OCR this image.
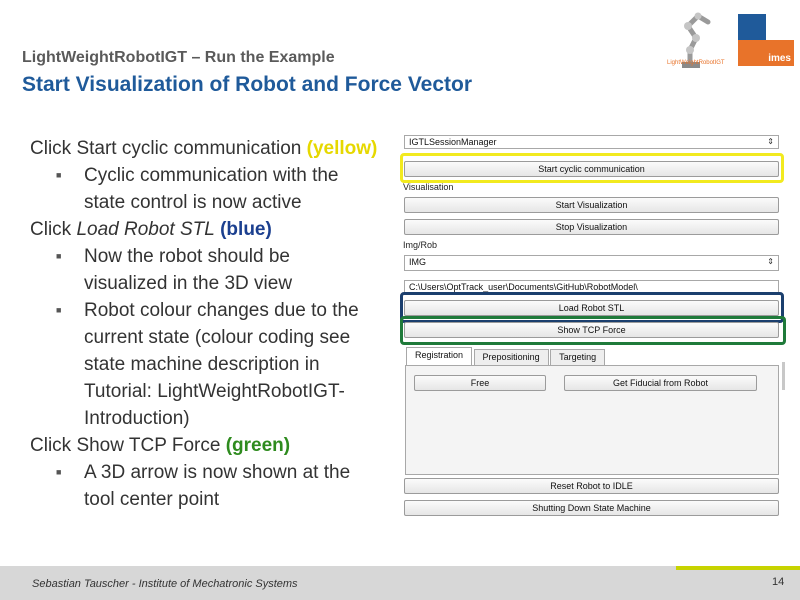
LightWeightRobotIGT – Run the Example
Start Visualization of Robot and Force Vector
LightWeightRobotIGT	imes
Click Start cyclic communication (yellow)
■ Cyclic communication with the
state control is now active
Click Load Robot STL (blue)
■ Now the robot should be
visualized in the 3D view
■ Robot colour changes due to the
current state (colour coding see
state machine description in
Tutorial: LightWeightRobotIGT-
Introduction)
Click Show TCP Force (green)
■ A 3D arrow is now shown at the
tool center point
IGTLSessionManager	⇕
Start cyclic communication
Visualisation
Start Visualization
Stop Visualization
Img/Rob
IMG	⇕
C:\Users\OptTrack_user\Documents\GitHub\RobotModel\
Load Robot STL
Show TCP Force
Registration Prepositioning Targeting
Free	Get Fiducial from Robot
Reset Robot to IDLE
Shutting Down State Machine
Sebastian Tauscher - Institute of Mechatronic Systems	14
